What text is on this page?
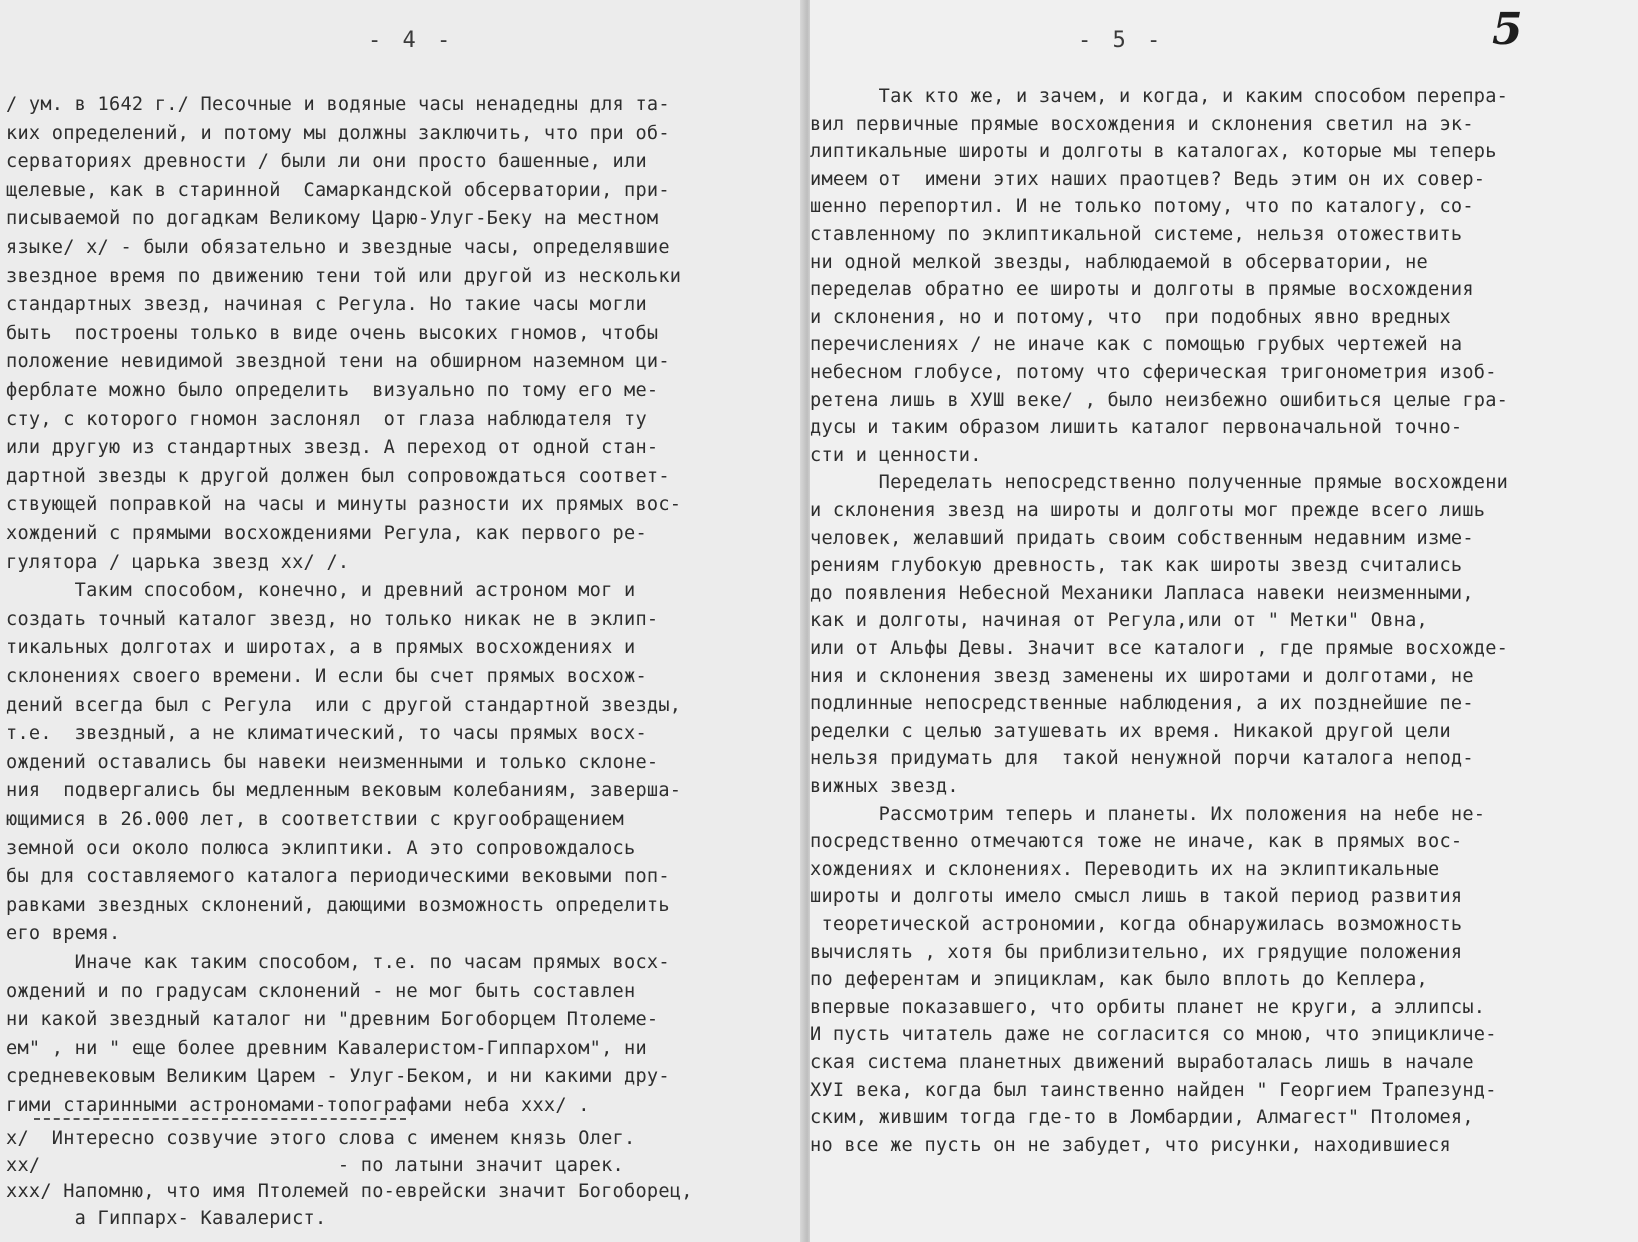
- 4 -
/ ум. в 1642 г./ Песочные и водяные часы ненадедны для та-
ких определений, и потому мы должны заключить, что при об-
серваториях древности / были ли они просто башенные, или
щелевые, как в старинной  Самаркандской обсерватории, при-
писываемой по догадкам Великому Царю-Улуг-Беку на местном
языке/ х/ - были обязательно и звездные часы, определявшие
звездное время по движению тени той или другой из нескольки
стандартных звезд, начиная с Регула. Но такие часы могли
быть  построены только в виде очень высоких гномов, чтобы
положение невидимой звездной тени на обширном наземном ци-
ферблате можно было определить  визуально по тому его ме-
сту, с которого гномон заслонял  от глаза наблюдателя ту
или другую из стандартных звезд. А переход от одной стан-
дартной звезды к другой должен был сопровождаться соответ-
ствующей поправкой на часы и минуты разности их прямых вос-
хождений с прямыми восхождениями Регула, как первого ре-
гулятора / царька звезд хх/ /.
Таким способом, конечно, и древний астроном мог и
создать точный каталог звезд, но только никак не в эклип-
тикальных долготах и широтах, а в прямых восхождениях и
склонениях своего времени. И если бы счет прямых восхож-
дений всегда был с Регула  или с другой стандартной звезды,
т.е.  звездный, а не климатический, то часы прямых восх-
ождений оставались бы навеки неизменными и только склоне-
ния  подвергались бы медленным вековым колебаниям, заверша-
ющимися в 26.000 лет, в соответствии с кругообращением
земной оси около полюса эклиптики. А это сопровождалось
бы для составляемого каталога периодическими вековыми поп-
равками звездных склонений, дающими возможность определить
его время.
Иначе как таким способом, т.е. по часам прямых восх-
ождений и по градусам склонений - не мог быть составлен
ни какой звездный каталог ни "древним Богоборцем Птолеме-
ем" , ни " еще более древним Кавалеристом-Гиппархом", ни
средневековым Великим Царем - Улуг-Беком, и ни какими дру-
гими старинными астрономами-топографами неба ххх/ .
х/  Интересно созвучие этого слова с именем князь Олег.
хх/                          - по латыни значит царек.
ххх/ Напомню, что имя Птолемей по-еврейски значит Богоборец,
а Гиппарх- Кавалерист.
- 5 -	5
Так кто же, и зачем, и когда, и каким способом перепра-
вил первичные прямые восхождения и склонения светил на эк-
липтикальные широты и долготы в каталогах, которые мы теперь
имеем от  имени этих наших праотцев? Ведь этим он их совер-
шенно перепортил. И не только потому, что по каталогу, со-
ставленному по эклиптикальной системе, нельзя отожествить
ни одной мелкой звезды, наблюдаемой в обсерватории, не
переделав обратно ее широты и долготы в прямые восхождения
и склонения, но и потому, что  при подобных явно вредных
перечислениях / не иначе как с помощью грубых чертежей на
небесном глобусе, потому что сферическая тригонометрия изоб-
ретена лишь в ХУШ веке/ , было неизбежно ошибиться целые гра-
дусы и таким образом лишить каталог первоначальной точно-
сти и ценности.
Переделать непосредственно полученные прямые восхождени
и склонения звезд на широты и долготы мог прежде всего лишь
человек, желавший придать своим собственным недавним изме-
рениям глубокую древность, так как широты звезд считались
до появления Небесной Механики Лапласа навеки неизменными,
как и долготы, начиная от Регула,или от " Метки" Овна,
или от Альфы Девы. Значит все каталоги , где прямые восхожде-
ния и склонения звезд заменены их широтами и долготами, не
подлинные непосредственные наблюдения, а их позднейшие пе-
ределки с целью затушевать их время. Никакой другой цели
нельзя придумать для  такой ненужной порчи каталога непод-
вижных звезд.
Рассмотрим теперь и планеты. Их положения на небе не-
посредственно отмечаются тоже не иначе, как в прямых вос-
хождениях и склонениях. Переводить их на эклиптикальные
широты и долготы имело смысл лишь в такой период развития
теоретической астрономии, когда обнаружилась возможность
вычислять , хотя бы приблизительно, их грядущие положения
по деферентам и эпициклам, как было вплоть до Кеплера,
впервые показавшего, что орбиты планет не круги, а эллипсы.
И пусть читатель даже не согласится со мною, что эпицикличе-
ская система планетных движений выработалась лишь в начале
ХУI века, когда был таинственно найден " Георгием Трапезунд-
ским, жившим тогда где-то в Ломбардии, Алмагест" Птоломея,
но все же пусть он не забудет, что рисунки, находившиеся
